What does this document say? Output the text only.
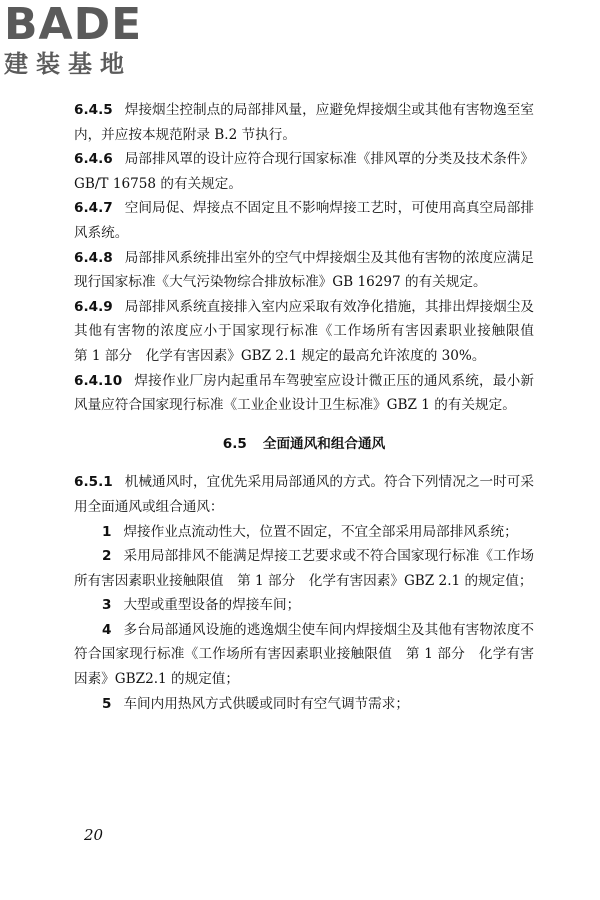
BADE
建装基地

6.4.5 焊接烟尘控制点的局部排风量，应避免焊接烟尘或其他有害物逸至室内，并应按本规范附录 B.2 节执行。

6.4.6 局部排风罩的设计应符合现行国家标准《排风罩的分类及技术条件》GB/T 16758 的有关规定。

6.4.7 空间局促、焊接点不固定且不影响焊接工艺时，可使用高真空局部排风系统。

6.4.8 局部排风系统排出室外的空气中焊接烟尘及其他有害物的浓度应满足现行国家标准《大气污染物综合排放标准》GB 16297 的有关规定。

6.4.9 局部排风系统直接排入室内应采取有效净化措施，其排出焊接烟尘及其他有害物的浓度应小于国家现行标准《工作场所有害因素职业接触限值　第 1 部分　化学有害因素》GBZ 2.1 规定的最高允许浓度的 30%。

6.4.10 焊接作业厂房内起重吊车驾驶室应设计微正压的通风系统，最小新风量应符合国家现行标准《工业企业设计卫生标准》GBZ 1 的有关规定。

6.5 全面通风和组合通风

6.5.1 机械通风时，宜优先采用局部通风的方式。符合下列情况之一时可采用全面通风或组合通风：

1 焊接作业点流动性大，位置不固定，不宜全部采用局部排风系统；

2 采用局部排风不能满足焊接工艺要求或不符合国家现行标准《工作场所有害因素职业接触限值　第 1 部分　化学有害因素》GBZ 2.1 的规定值；

3 大型或重型设备的焊接车间；

4 多台局部通风设施的逃逸烟尘使车间内焊接烟尘及其他有害物浓度不符合国家现行标准《工作场所有害因素职业接触限值　第 1 部分　化学有害因素》GBZ2.1 的规定值；

5 车间内用热风方式供暖或同时有空气调节需求；

20
